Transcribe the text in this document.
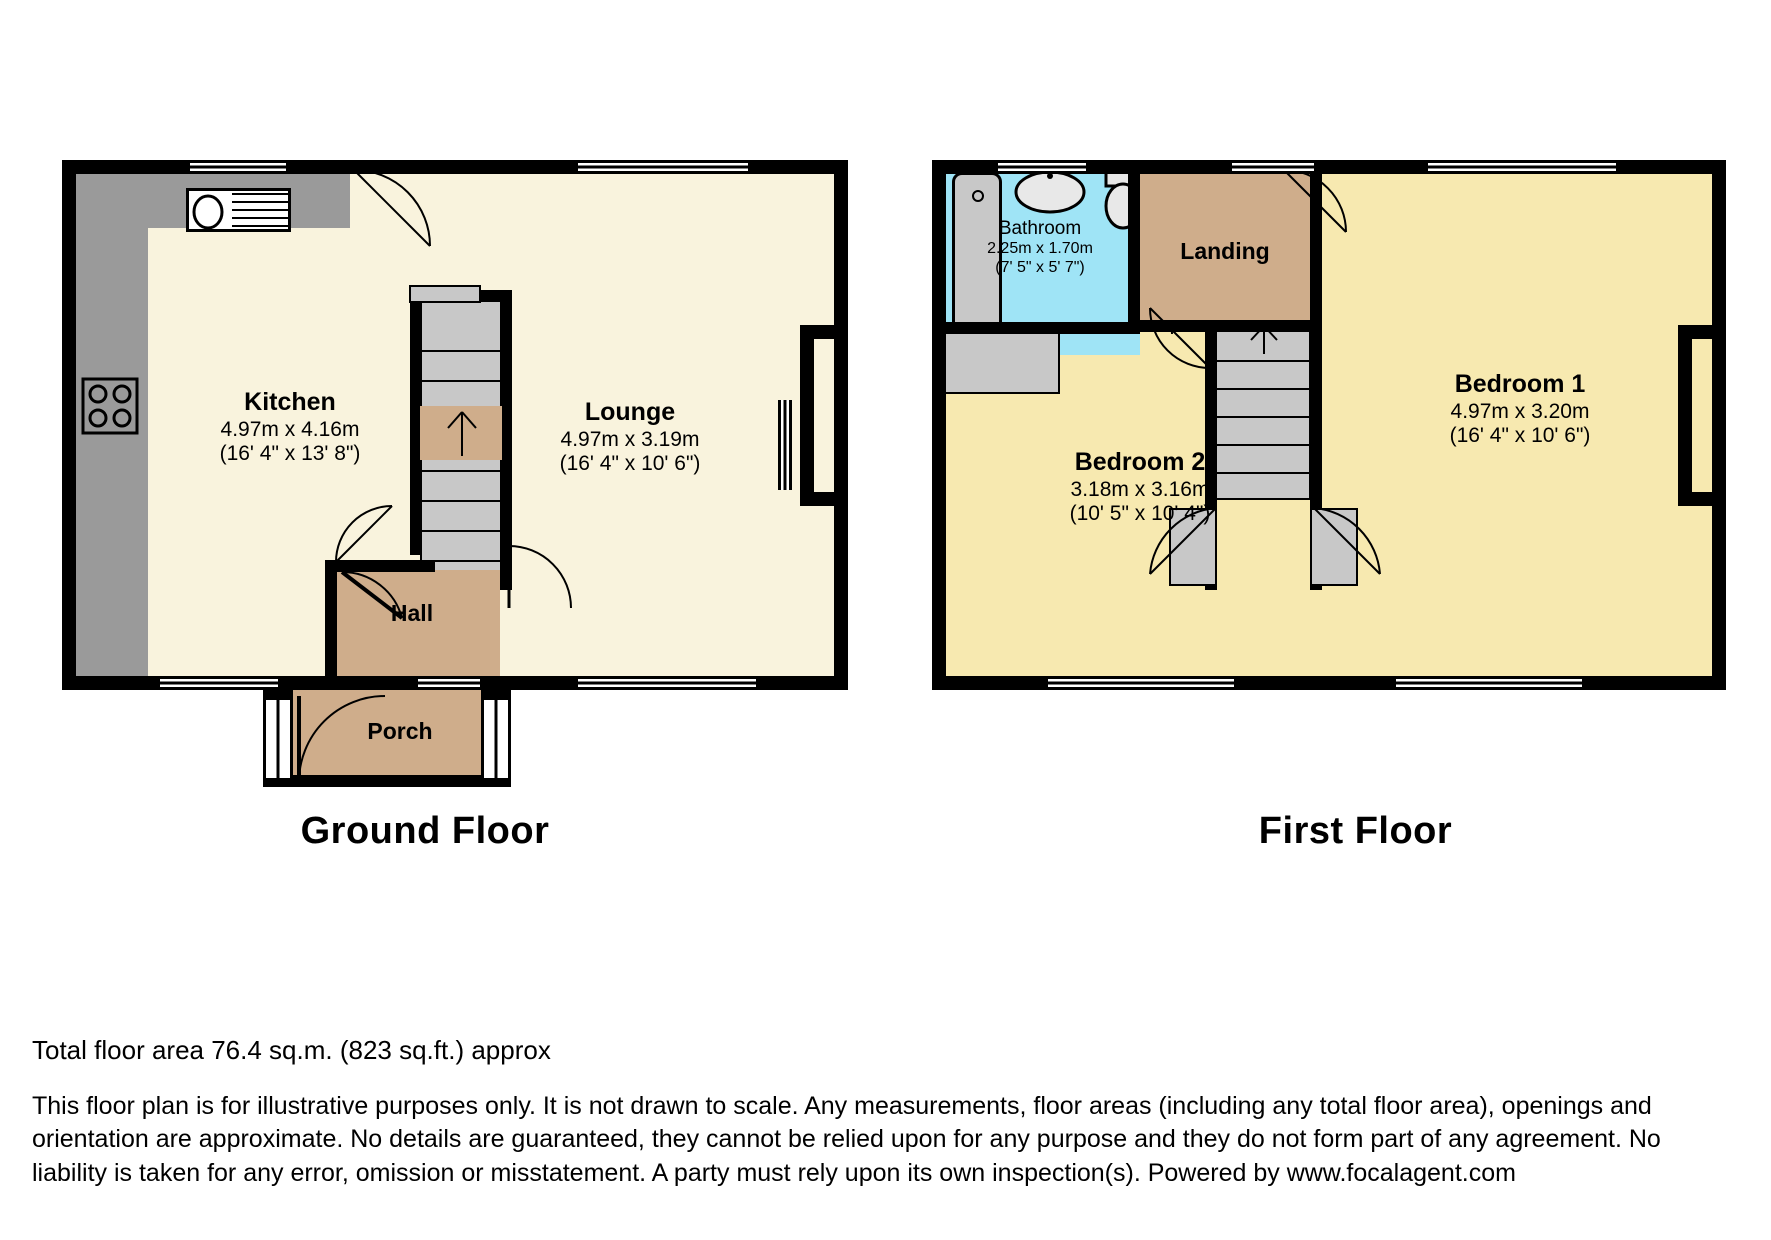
Kitchen
4.97m x 4.16m
(16' 4" x 13' 8")
Lounge
4.97m x 3.19m
(16' 4" x 10' 6")
Hall
Porch
Ground Floor
Bathroom
2.25m x 1.70m
(7' 5" x 5' 7")
Landing
Bedroom 1
4.97m x 3.20m
(16' 4" x 10' 6")
Bedroom 2
3.18m x 3.16m
(10' 5" x 10' 4")
First Floor
Total floor area 76.4 sq.m. (823 sq.ft.) approx
This floor plan is for illustrative purposes only. It is not drawn to scale. Any measurements, floor areas (including any total floor area), openings and orientation are approximate. No details are guaranteed, they cannot be relied upon for any purpose and they do not form part of any agreement. No liability is taken for any error, omission or misstatement. A party must rely upon its own inspection(s). Powered by www.focalagent.com
